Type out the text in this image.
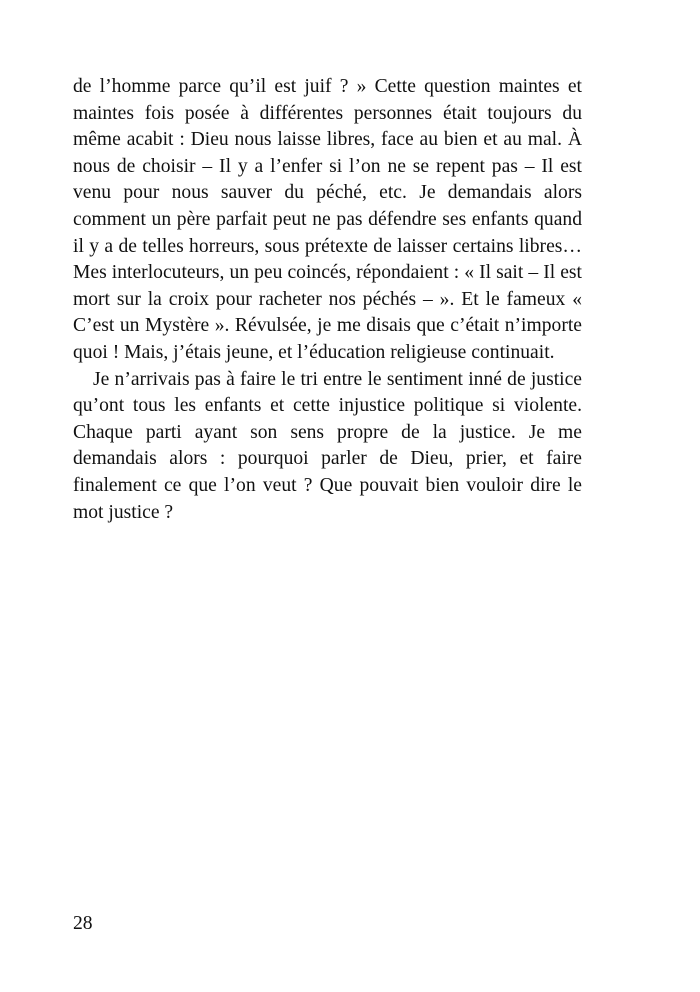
de l’homme parce qu’il est juif ? » Cette question maintes et maintes fois posée à différentes personnes était toujours du même acabit : Dieu nous laisse libres, face au bien et au mal. À nous de choisir – Il y a l’enfer si l’on ne se repent pas – Il est venu pour nous sauver du péché, etc. Je demandais alors comment un père parfait peut ne pas défendre ses enfants quand il y a de telles horreurs, sous prétexte de laisser certains libres… Mes interlocuteurs, un peu coincés, répondaient : « Il sait – Il est mort sur la croix pour racheter nos péchés – ». Et le fameux « C’est un Mystère ». Révulsée, je me disais que c’était n’importe quoi ! Mais, j’étais jeune, et l’éducation religieuse continuait.

Je n’arrivais pas à faire le tri entre le sentiment inné de justice qu’ont tous les enfants et cette injustice politique si violente. Chaque parti ayant son sens propre de la justice. Je me demandais alors : pourquoi parler de Dieu, prier, et faire finalement ce que l’on veut ? Que pouvait bien vouloir dire le mot justice ?

28
